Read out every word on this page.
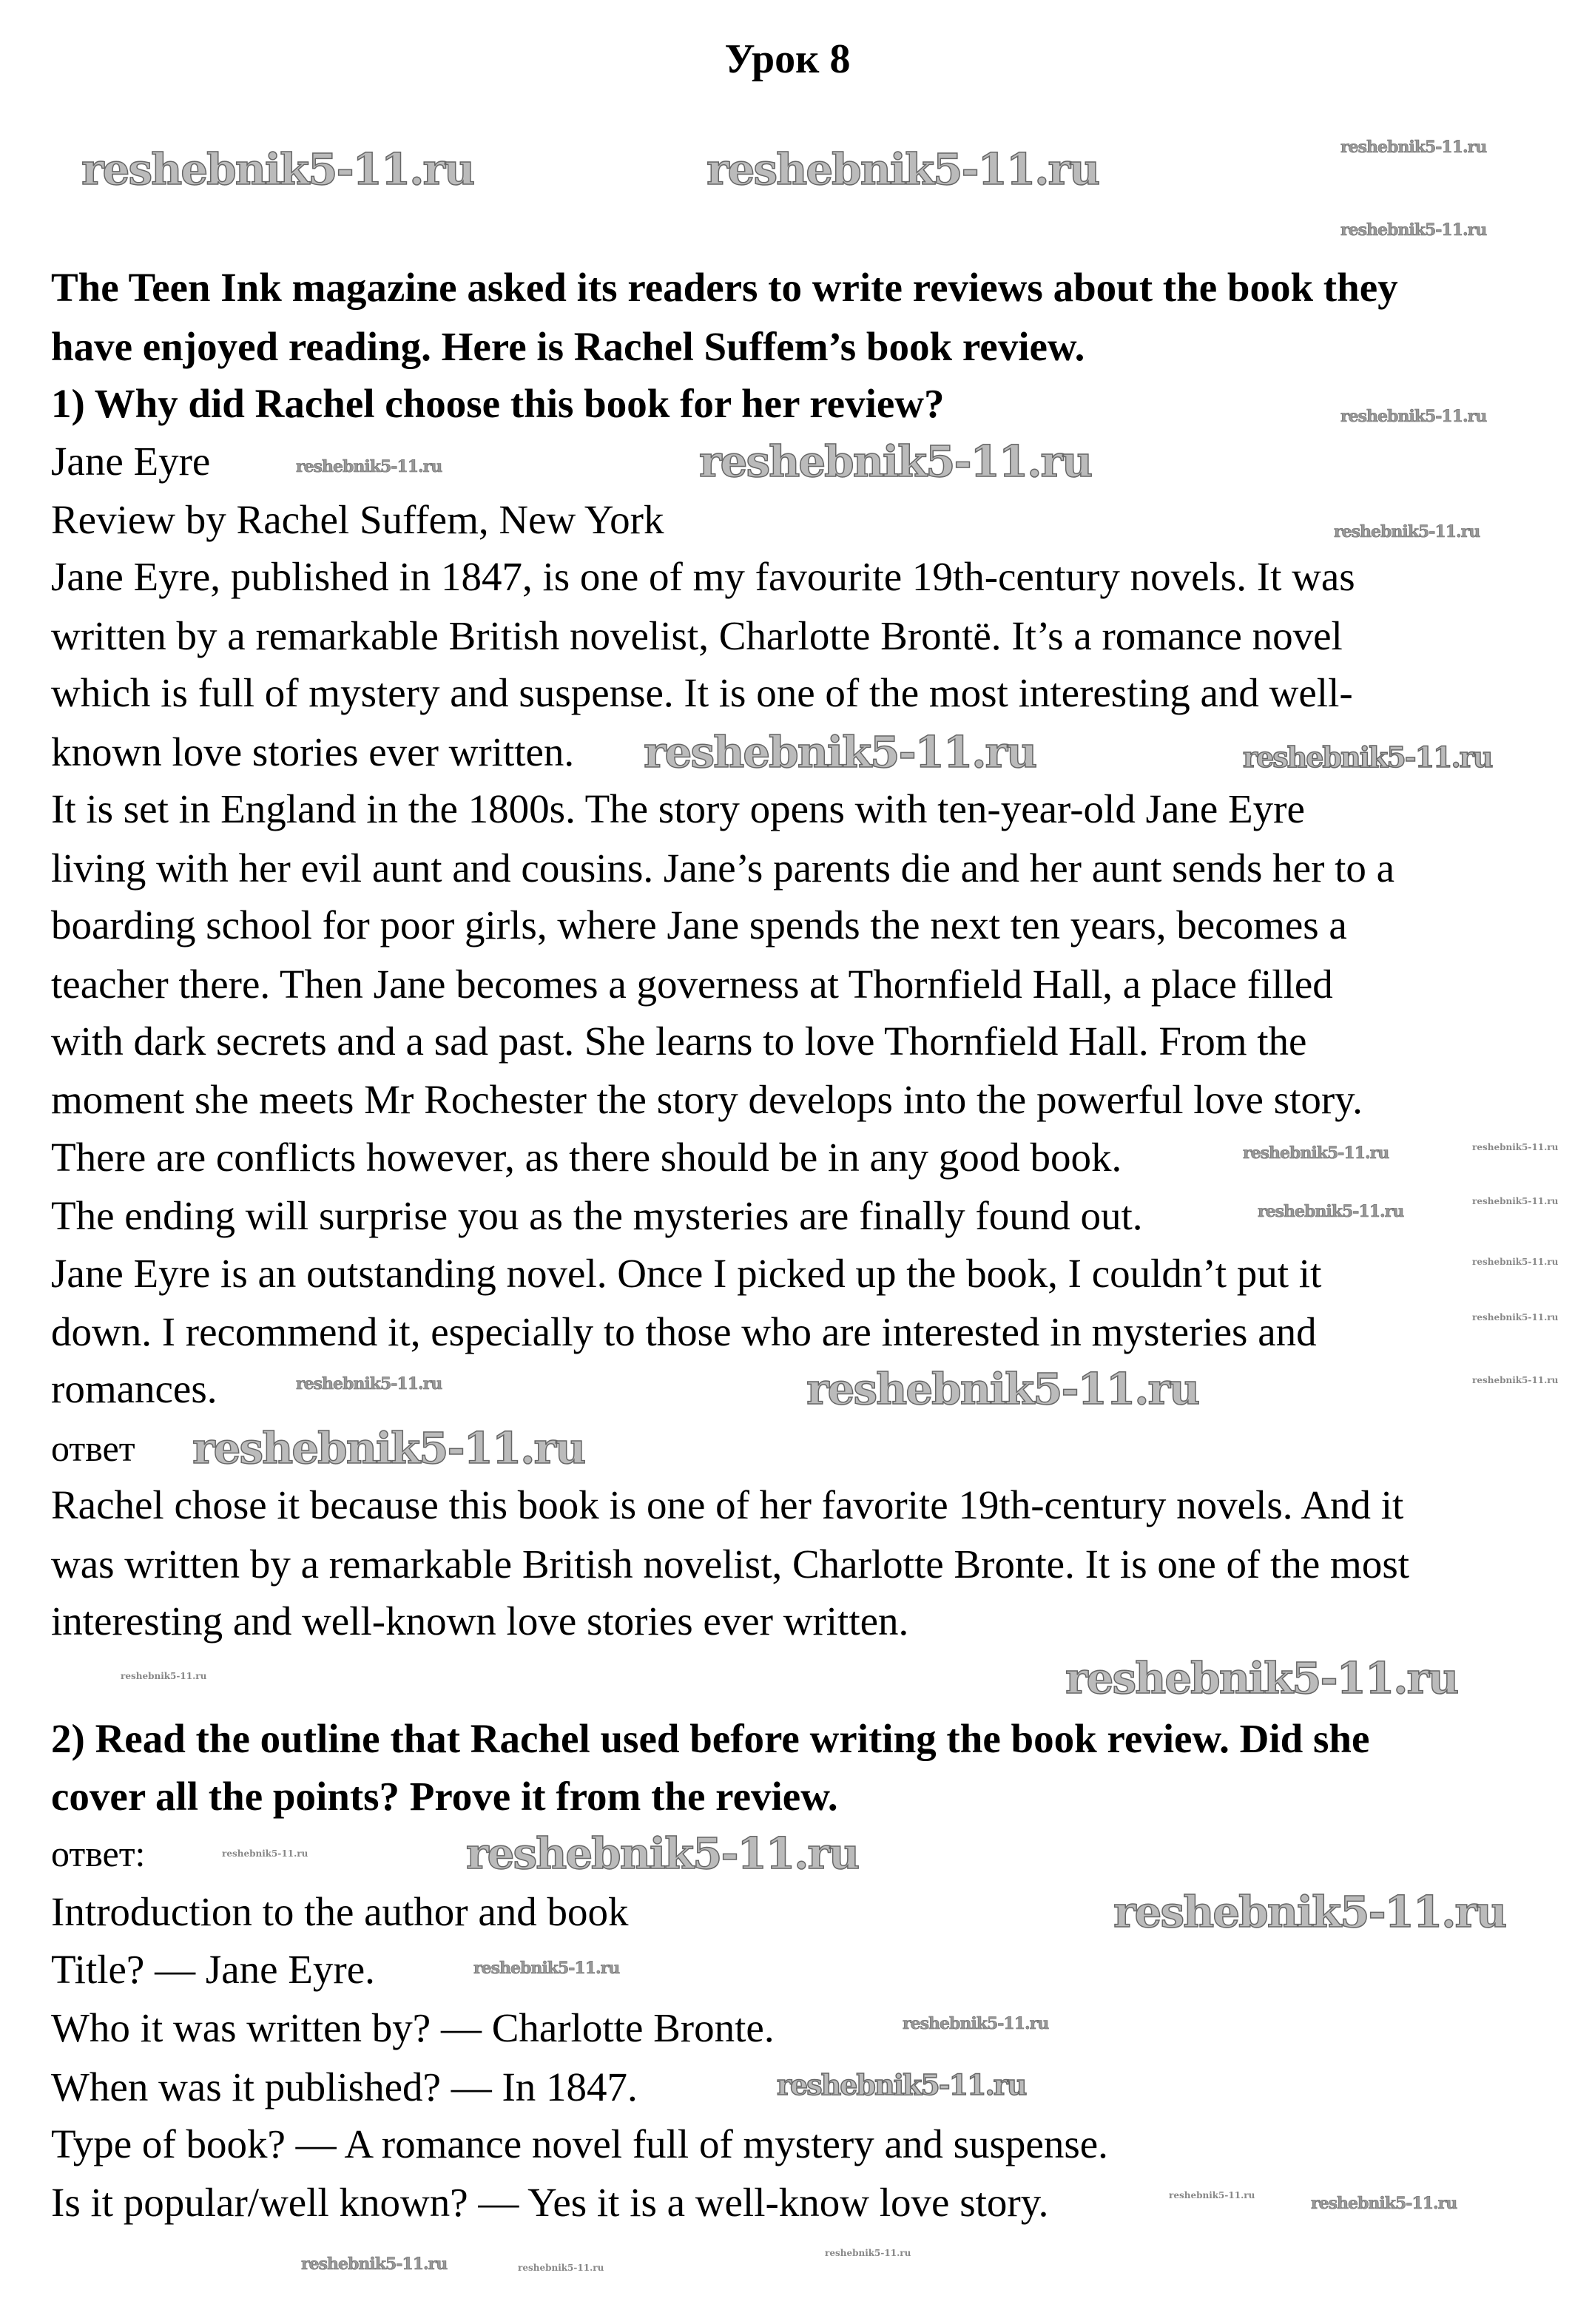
Урок 8
The Teen Ink magazine asked its readers to write reviews about the book they
have enjoyed reading. Here is Rachel Suffem’s book review.
1) Why did Rachel choose this book for her review?
Jane Eyre
Review by Rachel Suffem, New York
Jane Eyre, published in 1847, is one of my favourite 19th-century novels. It was
written by a remarkable British novelist, Charlotte Brontë. It’s a romance novel
which is full of mystery and suspense. It is one of the most interesting and well-
known love stories ever written.
It is set in England in the 1800s. The story opens with ten-year-old Jane Eyre
living with her evil aunt and cousins. Jane’s parents die and her aunt sends her to a
boarding school for poor girls, where Jane spends the next ten years, becomes a
teacher there. Then Jane becomes a governess at Thornfield Hall, a place filled
with dark secrets and a sad past. She learns to love Thornfield Hall. From the
moment she meets Mr Rochester the story develops into the powerful love story.
There are conflicts however, as there should be in any good book.
The ending will surprise you as the mysteries are finally found out.
Jane Eyre is an outstanding novel. Once I picked up the book, I couldn’t put it
down. I recommend it, especially to those who are interested in mysteries and
romances.
ответ
Rachel chose it because this book is one of her favorite 19th-century novels. And it
was written by a remarkable British novelist, Charlotte Bronte. It is one of the most
interesting and well-known love stories ever written.
2) Read the outline that Rachel used before writing the book review. Did she
cover all the points? Prove it from the review.
ответ:
Introduction to the author and book
Title? — Jane Eyre.
Who it was written by? — Charlotte Bronte.
When was it published? — In 1847.
Type of book? — A romance novel full of mystery and suspense.
Is it popular/well known? — Yes it is a well-know love story.
reshebnik5-11.ru	reshebnik5-11.ru
reshebnik5-11.ru
reshebnik5-11.ru
reshebnik5-11.ru
reshebnik5-11.ru
reshebnik5-11.ru
reshebnik5-11.ru
reshebnik5-11.ru
reshebnik5-11.ru
reshebnik5-11.ru
reshebnik5-11.ru
reshebnik5-11.ru
reshebnik5-11.ru
reshebnik5-11.ru
reshebnik5-11.ru
reshebnik5-11.ru
reshebnik5-11.ru
reshebnik5-11.ru
reshebnik5-11.ru
reshebnik5-11.ru
reshebnik5-11.ru
reshebnik5-11.ru
reshebnik5-11.ru
reshebnik5-11.ru
reshebnik5-11.ru
reshebnik5-11.ru
reshebnik5-11.ru
reshebnik5-11.ru
reshebnik5-11.ru
reshebnik5-11.ru
reshebnik5-11.ru
reshebnik5-11.ru
